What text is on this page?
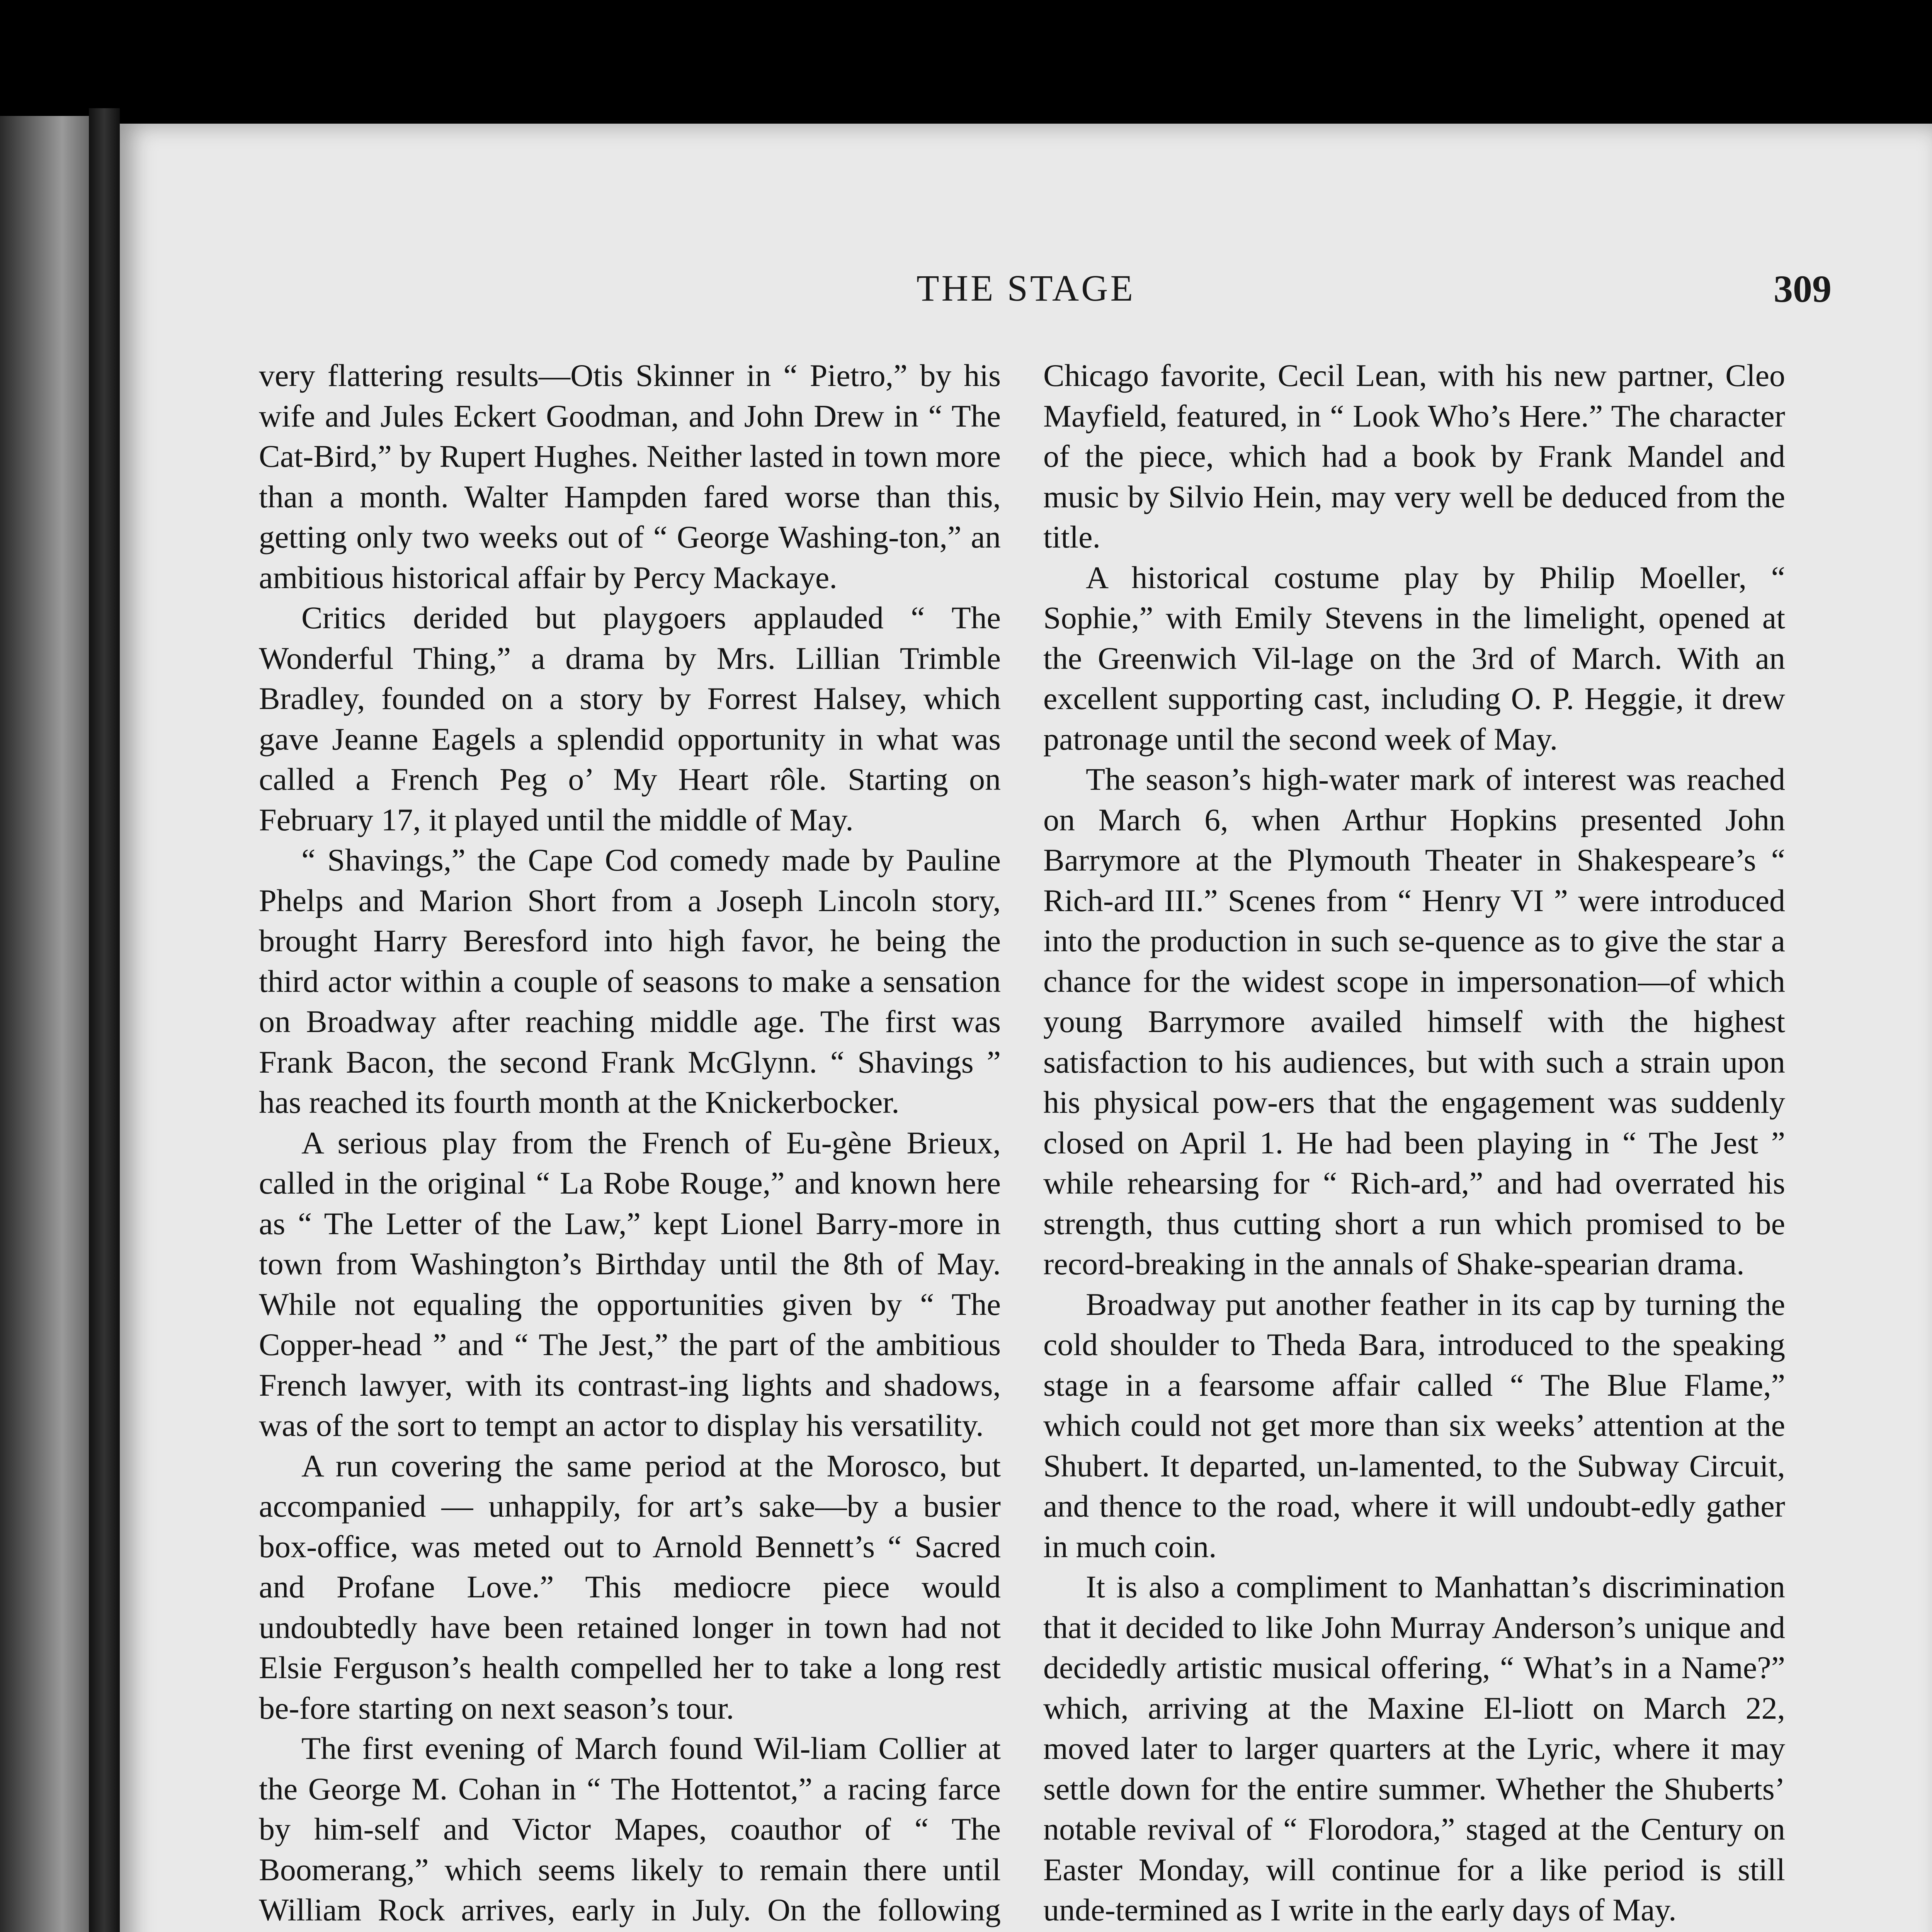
THE STAGE	309

very flattering results—Otis Skinner in “ Pietro,” by his wife and Jules Eckert Goodman, and John Drew in “ The Cat-Bird,” by Rupert Hughes. Neither lasted in town more than a month. Walter Hampden fared worse than this, getting only two weeks out of “ George Washing-ton,” an ambitious historical affair by Percy Mackaye.

Critics derided but playgoers applauded “ The Wonderful Thing,” a drama by Mrs. Lillian Trimble Bradley, founded on a story by Forrest Halsey, which gave Jeanne Eagels a splendid opportunity in what was called a French Peg o’ My Heart rôle. Starting on February 17, it played until the middle of May.

“ Shavings,” the Cape Cod comedy made by Pauline Phelps and Marion Short from a Joseph Lincoln story, brought Harry Beresford into high favor, he being the third actor within a couple of seasons to make a sensation on Broadway after reaching middle age. The first was Frank Bacon, the second Frank McGlynn. “ Shavings ” has reached its fourth month at the Knickerbocker.

A serious play from the French of Eu-gène Brieux, called in the original “ La Robe Rouge,” and known here as “ The Letter of the Law,” kept Lionel Barry-more in town from Washington’s Birthday until the 8th of May. While not equaling the opportunities given by “ The Copper-head ” and “ The Jest,” the part of the ambitious French lawyer, with its contrast-ing lights and shadows, was of the sort to tempt an actor to display his versatility.

A run covering the same period at the Morosco, but accompanied — unhappily, for art’s sake—by a busier box-office, was meted out to Arnold Bennett’s “ Sacred and Profane Love.” This mediocre piece would undoubtedly have been retained longer in town had not Elsie Ferguson’s health compelled her to take a long rest be-fore starting on next season’s tour.

The first evening of March found Wil-liam Collier at the George M. Cohan in “ The Hottentot,” a racing farce by him-self and Victor Mapes, coauthor of “ The Boomerang,” which seems likely to remain there until William Rock arrives, early in July. On the following

Chicago favorite, Cecil Lean, with his new partner, Cleo Mayfield, featured, in “ Look Who’s Here.” The character of the piece, which had a book by Frank Mandel and music by Silvio Hein, may very well be deduced from the title.

A historical costume play by Philip Moeller, “ Sophie,” with Emily Stevens in the limelight, opened at the Greenwich Vil-lage on the 3rd of March. With an excellent supporting cast, including O. P. Heggie, it drew patronage until the second week of May.

The season’s high-water mark of interest was reached on March 6, when Arthur Hopkins presented John Barrymore at the Plymouth Theater in Shakespeare’s “ Rich-ard III.” Scenes from “ Henry VI ” were introduced into the production in such se-quence as to give the star a chance for the widest scope in impersonation—of which young Barrymore availed himself with the highest satisfaction to his audiences, but with such a strain upon his physical pow-ers that the engagement was suddenly closed on April 1. He had been playing in “ The Jest ” while rehearsing for “ Rich-ard,” and had overrated his strength, thus cutting short a run which promised to be record-breaking in the annals of Shake-spearian drama.

Broadway put another feather in its cap by turning the cold shoulder to Theda Bara, introduced to the speaking stage in a fearsome affair called “ The Blue Flame,” which could not get more than six weeks’ attention at the Shubert. It departed, un-lamented, to the Subway Circuit, and thence to the road, where it will undoubt-edly gather in much coin.

It is also a compliment to Manhattan’s discrimination that it decided to like John Murray Anderson’s unique and decidedly artistic musical offering, “ What’s in a Name?” which, arriving at the Maxine El-liott on March 22, moved later to larger quarters at the Lyric, where it may settle down for the entire summer. Whether the Shuberts’ notable revival of “ Florodora,” staged at the Century on Easter Monday, will continue for a like period is still unde-termined as I write in the early days of May.
